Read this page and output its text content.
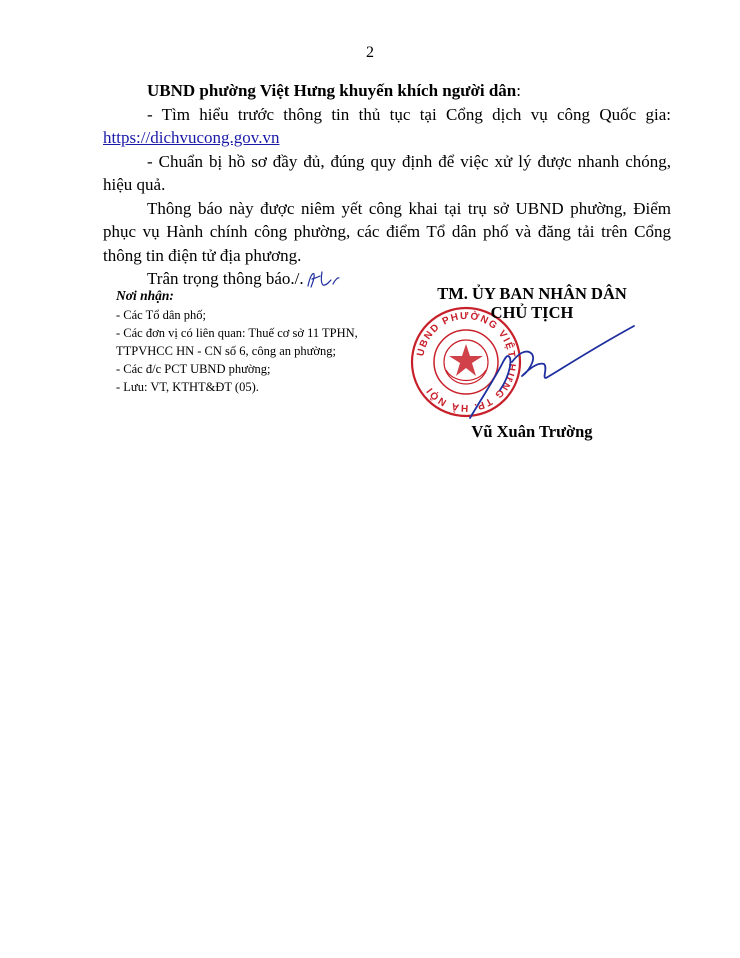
2

UBND phường Việt Hưng khuyến khích người dân:

- Tìm hiểu trước thông tin thủ tục tại Cổng dịch vụ công Quốc gia: https://dichvucong.gov.vn

- Chuẩn bị hồ sơ đầy đủ, đúng quy định để việc xử lý được nhanh chóng, hiệu quả.

Thông báo này được niêm yết công khai tại trụ sở UBND phường, Điểm phục vụ Hành chính công phường, các điểm Tổ dân phố và đăng tải trên Cổng thông tin điện tử địa phương.

Trân trọng thông báo./.

Nơi nhận:
- Các Tổ dân phố;
- Các đơn vị có liên quan: Thuế cơ sở 11 TPHN,
TTPVHCC HN - CN số 6, công an phường;
- Các đ/c PCT UBND phường;
- Lưu: VT, KTHT&ĐT (05).
UBND PHƯỜNG VIỆT HƯNG TP. HÀ NỘI
TM. ỦY BAN NHÂN DÂN
CHỦ TỊCH
Vũ Xuân Trường
